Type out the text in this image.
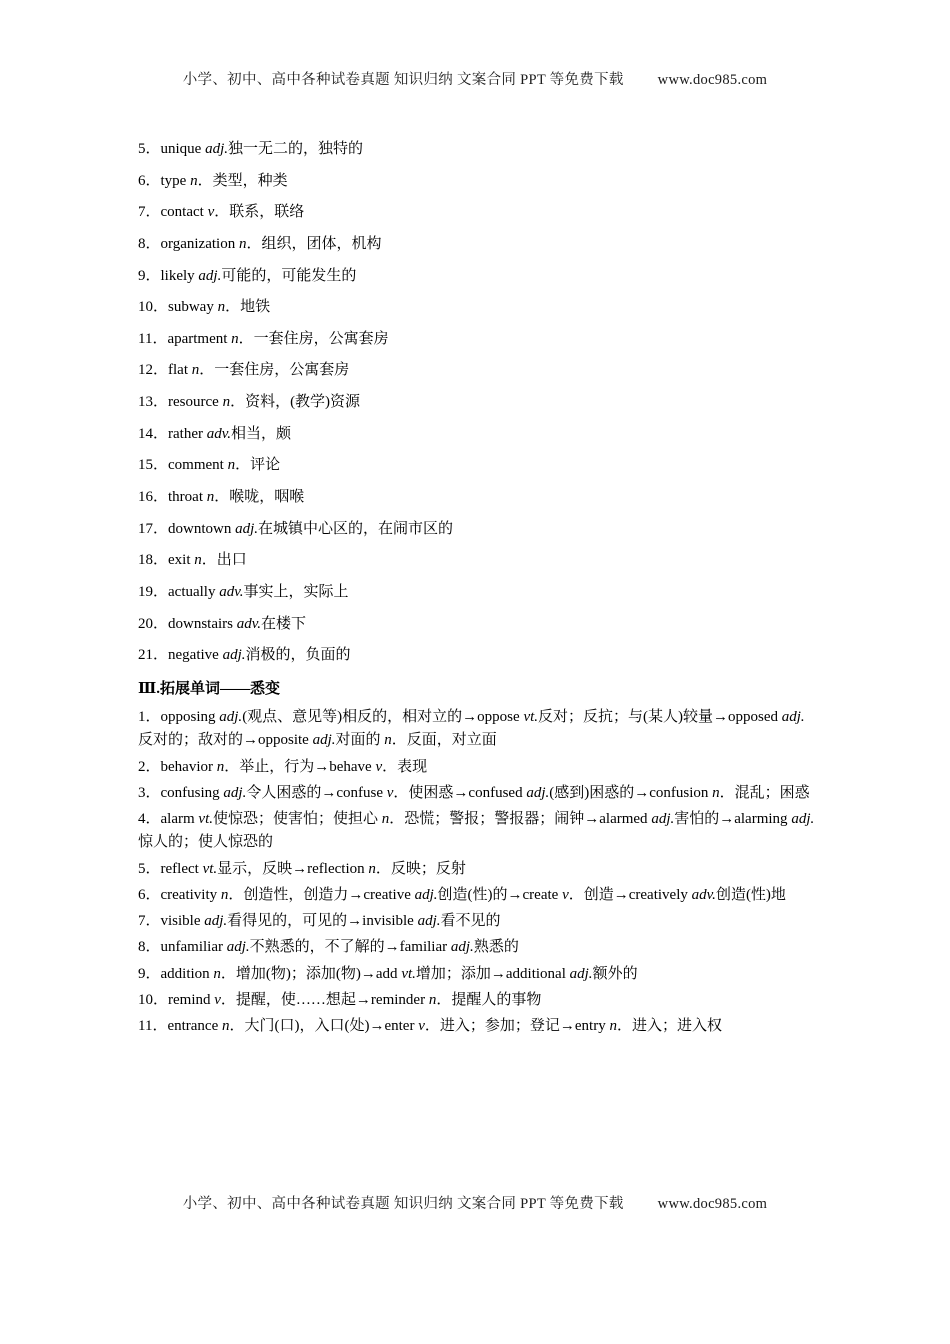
小学、初中、高中各种试卷真题 知识归纳 文案合同 PPT 等免费下载 www.doc985.com
5．unique adj.独一无二的，独特的
6．type n．类型，种类
7．contact v．联系，联络
8．organization n．组织，团体，机构
9．likely adj.可能的，可能发生的
10．subway n．地铁
11．apartment n．一套住房，公寓套房
12．flat n．一套住房，公寓套房
13．resource n．资料，(教学)资源
14．rather adv.相当，颇
15．comment n．评论
16．throat n．喉咙，咽喉
17．downtown adj.在城镇中心区的，在闹市区的
18．exit n．出口
19．actually adv.事实上，实际上
20．downstairs adv.在楼下
21．negative adj.消极的，负面的
Ⅲ.拓展单词——悉变
1．opposing adj.(观点、意见等)相反的，相对立的→oppose vt.反对；反抗；与(某人)较量→opposed adj.反对的；敌对的→opposite adj.对面的 n．反面，对立面
2．behavior n．举止，行为→behave v．表现
3．confusing adj.令人困惑的→confuse v．使困惑→confused adj.(感到)困惑的→confusion n．混乱；困惑
4．alarm vt.使惊恐；使害怕；使担心 n．恐慌；警报；警报器；闹钟→alarmed adj.害怕的→alarming adj.惊人的；使人惊恐的
5．reflect vt.显示，反映→reflection n．反映；反射
6．creativity n．创造性，创造力→creative adj.创造(性)的→create v．创造→creatively adv.创造(性)地
7．visible adj.看得见的，可见的→invisible adj.看不见的
8．unfamiliar adj.不熟悉的，不了解的→familiar adj.熟悉的
9．addition n．增加(物)；添加(物)→add vt.增加；添加→additional adj.额外的
10．remind v．提醒，使……想起→reminder n．提醒人的事物
11．entrance n．大门(口)，入口(处)→enter v．进入；参加；登记→entry n．进入；进入权
小学、初中、高中各种试卷真题 知识归纳 文案合同 PPT 等免费下载 www.doc985.com
